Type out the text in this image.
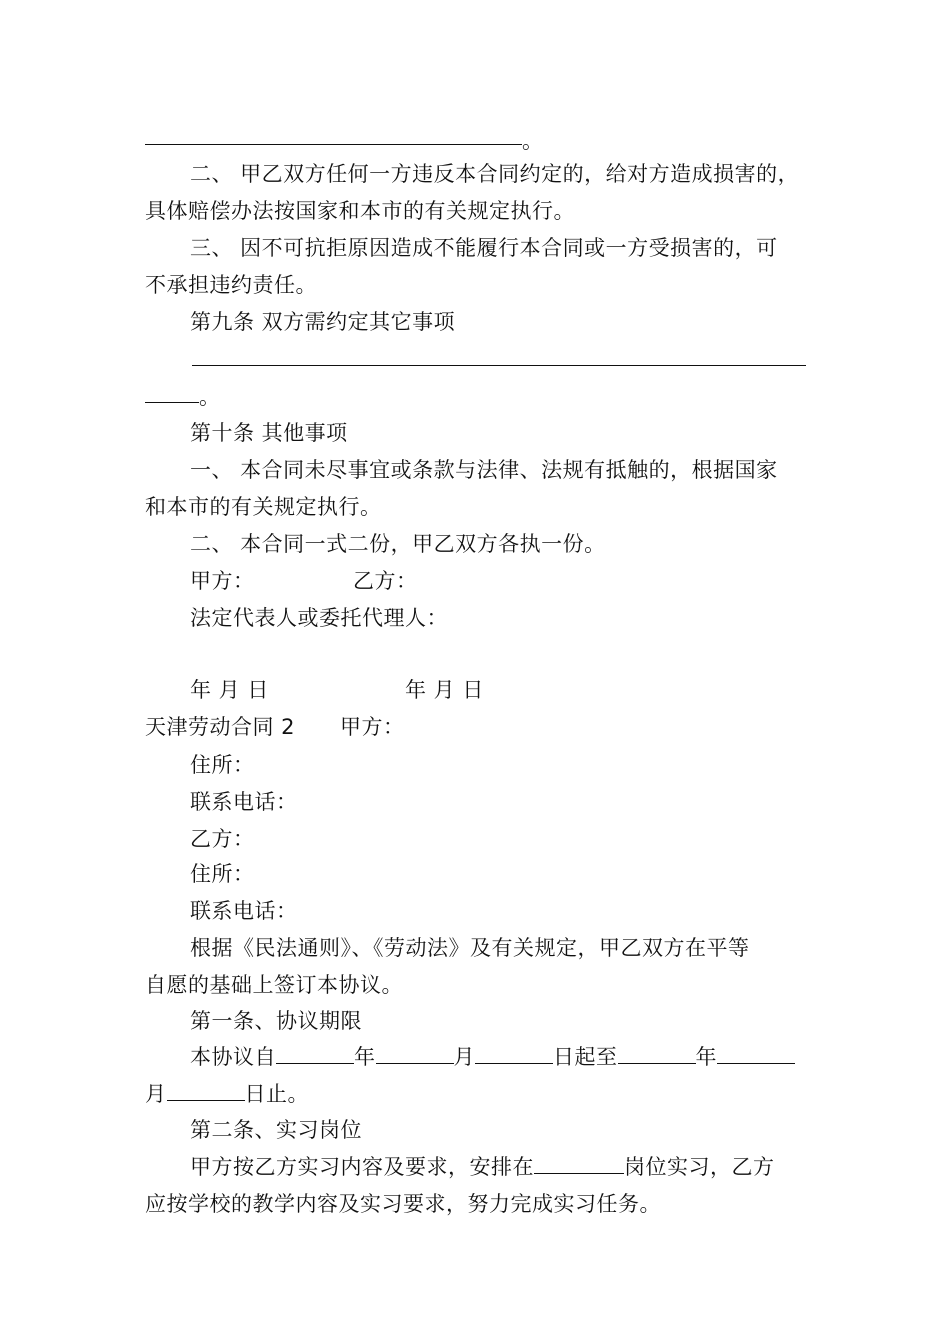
。
二、 甲乙双方任何一方违反本合同约定的，给对方造成损害的，
具体赔偿办法按国家和本市的有关规定执行。
三、 因不可抗拒原因造成不能履行本合同或一方受损害的，可
不承担违约责任。
第九条 双方需约定其它事项
。
第十条 其他事项
一、 本合同未尽事宜或条款与法律、法规有抵触的，根据国家
和本市的有关规定执行。
二、 本合同一式二份，甲乙双方各执一份。
甲方：	乙方：
法定代表人或委托代理人：
年 月 日	年 月 日
天津劳动合同 2 甲方：
住所：
联系电话：
乙方：
住所：
联系电话：
根据《民法通则》、《劳动法》及有关规定，甲乙双方在平等
自愿的基础上签订本协议。
第一条、协议期限
本协议自	年	月	日起至	年
月	日止。
第二条、实习岗位
甲方按乙方实习内容及要求，安排在	岗位实习，乙方
应按学校的教学内容及实习要求，努力完成实习任务。
